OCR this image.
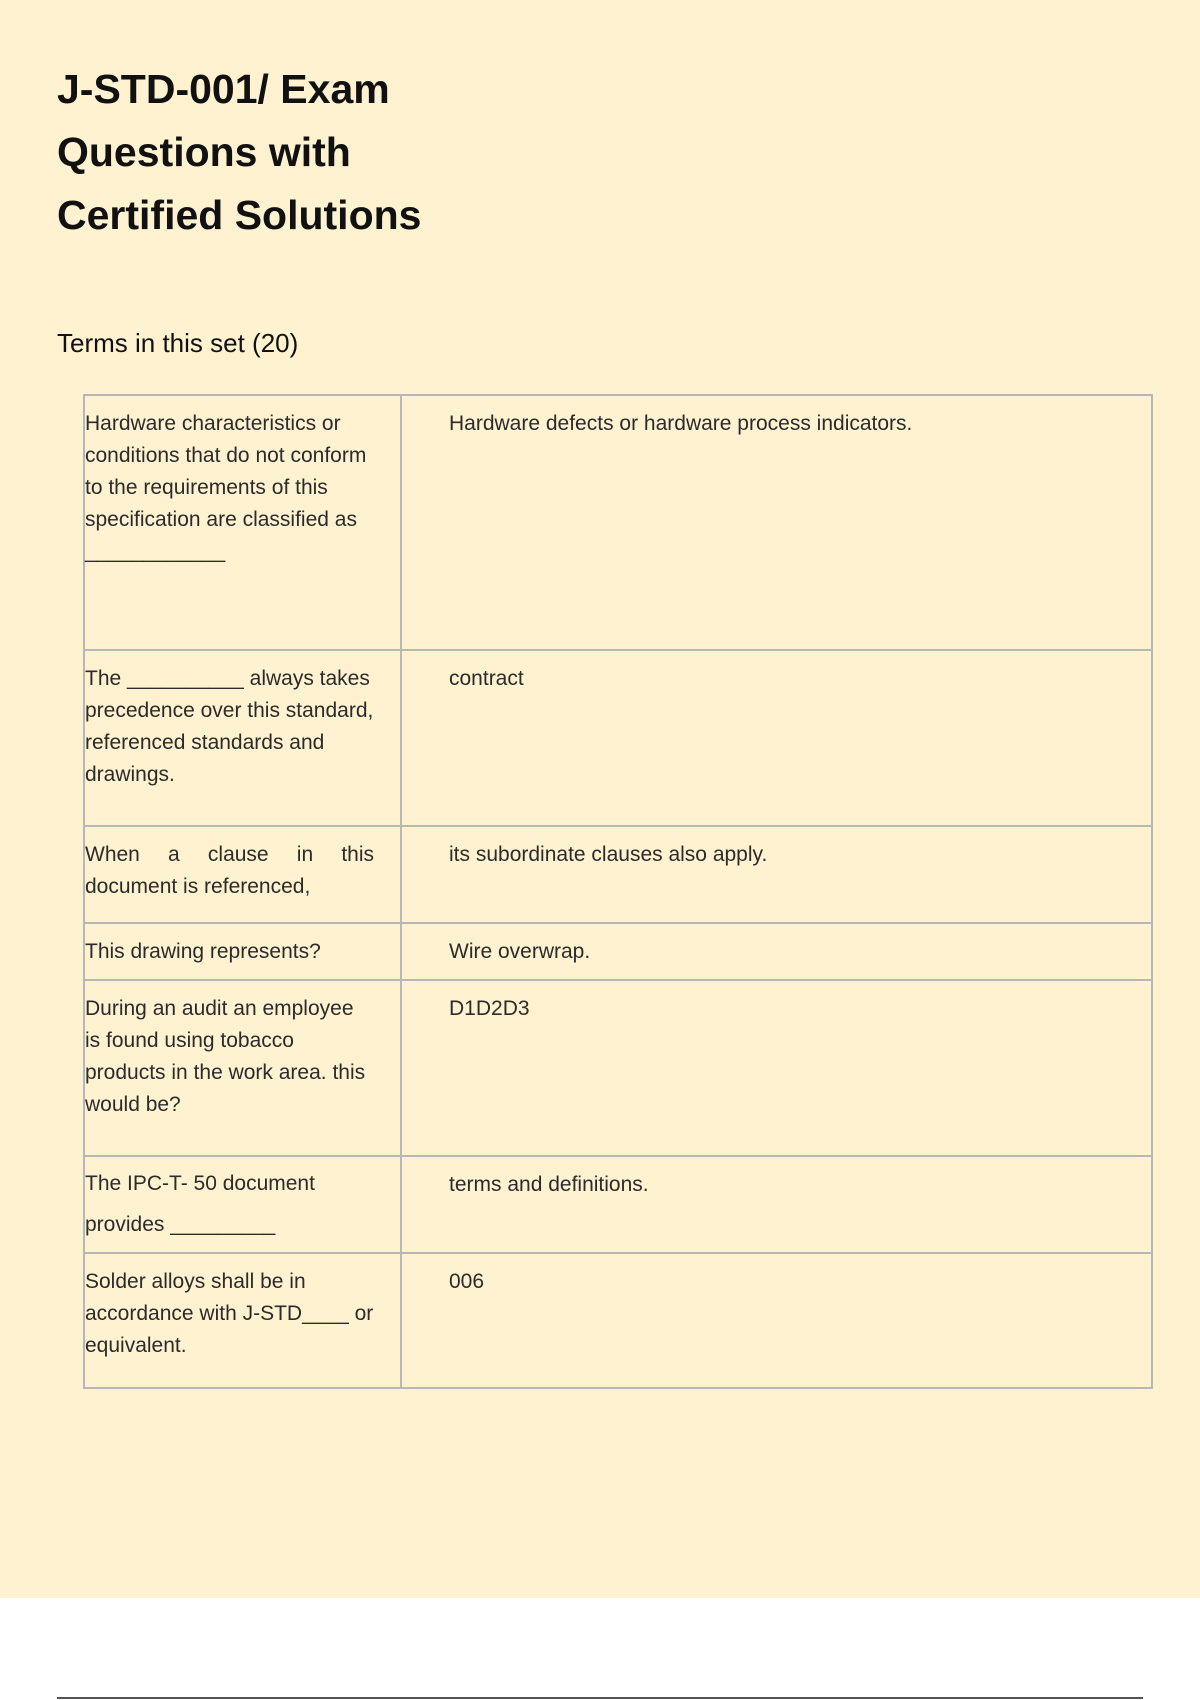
J-STD-001/ Exam
Questions with
Certified Solutions
Terms in this set (20)
Hardware characteristics or conditions that do not conform to the requirements of this specification are classified as ____________	Hardware defects or hardware process indicators.
The __________ always takes precedence over this standard, referenced standards and drawings.	contract
When a clause in this document is referenced,	its subordinate clauses also apply.
This drawing represents?	Wire overwrap.
During an audit an employee is found using tobacco products in the work area. this would be?	D1D2D3
The IPC-T- 50 document provides _________	terms and definitions.
Solder alloys shall be in accordance with J-STD____ or equivalent.	006
